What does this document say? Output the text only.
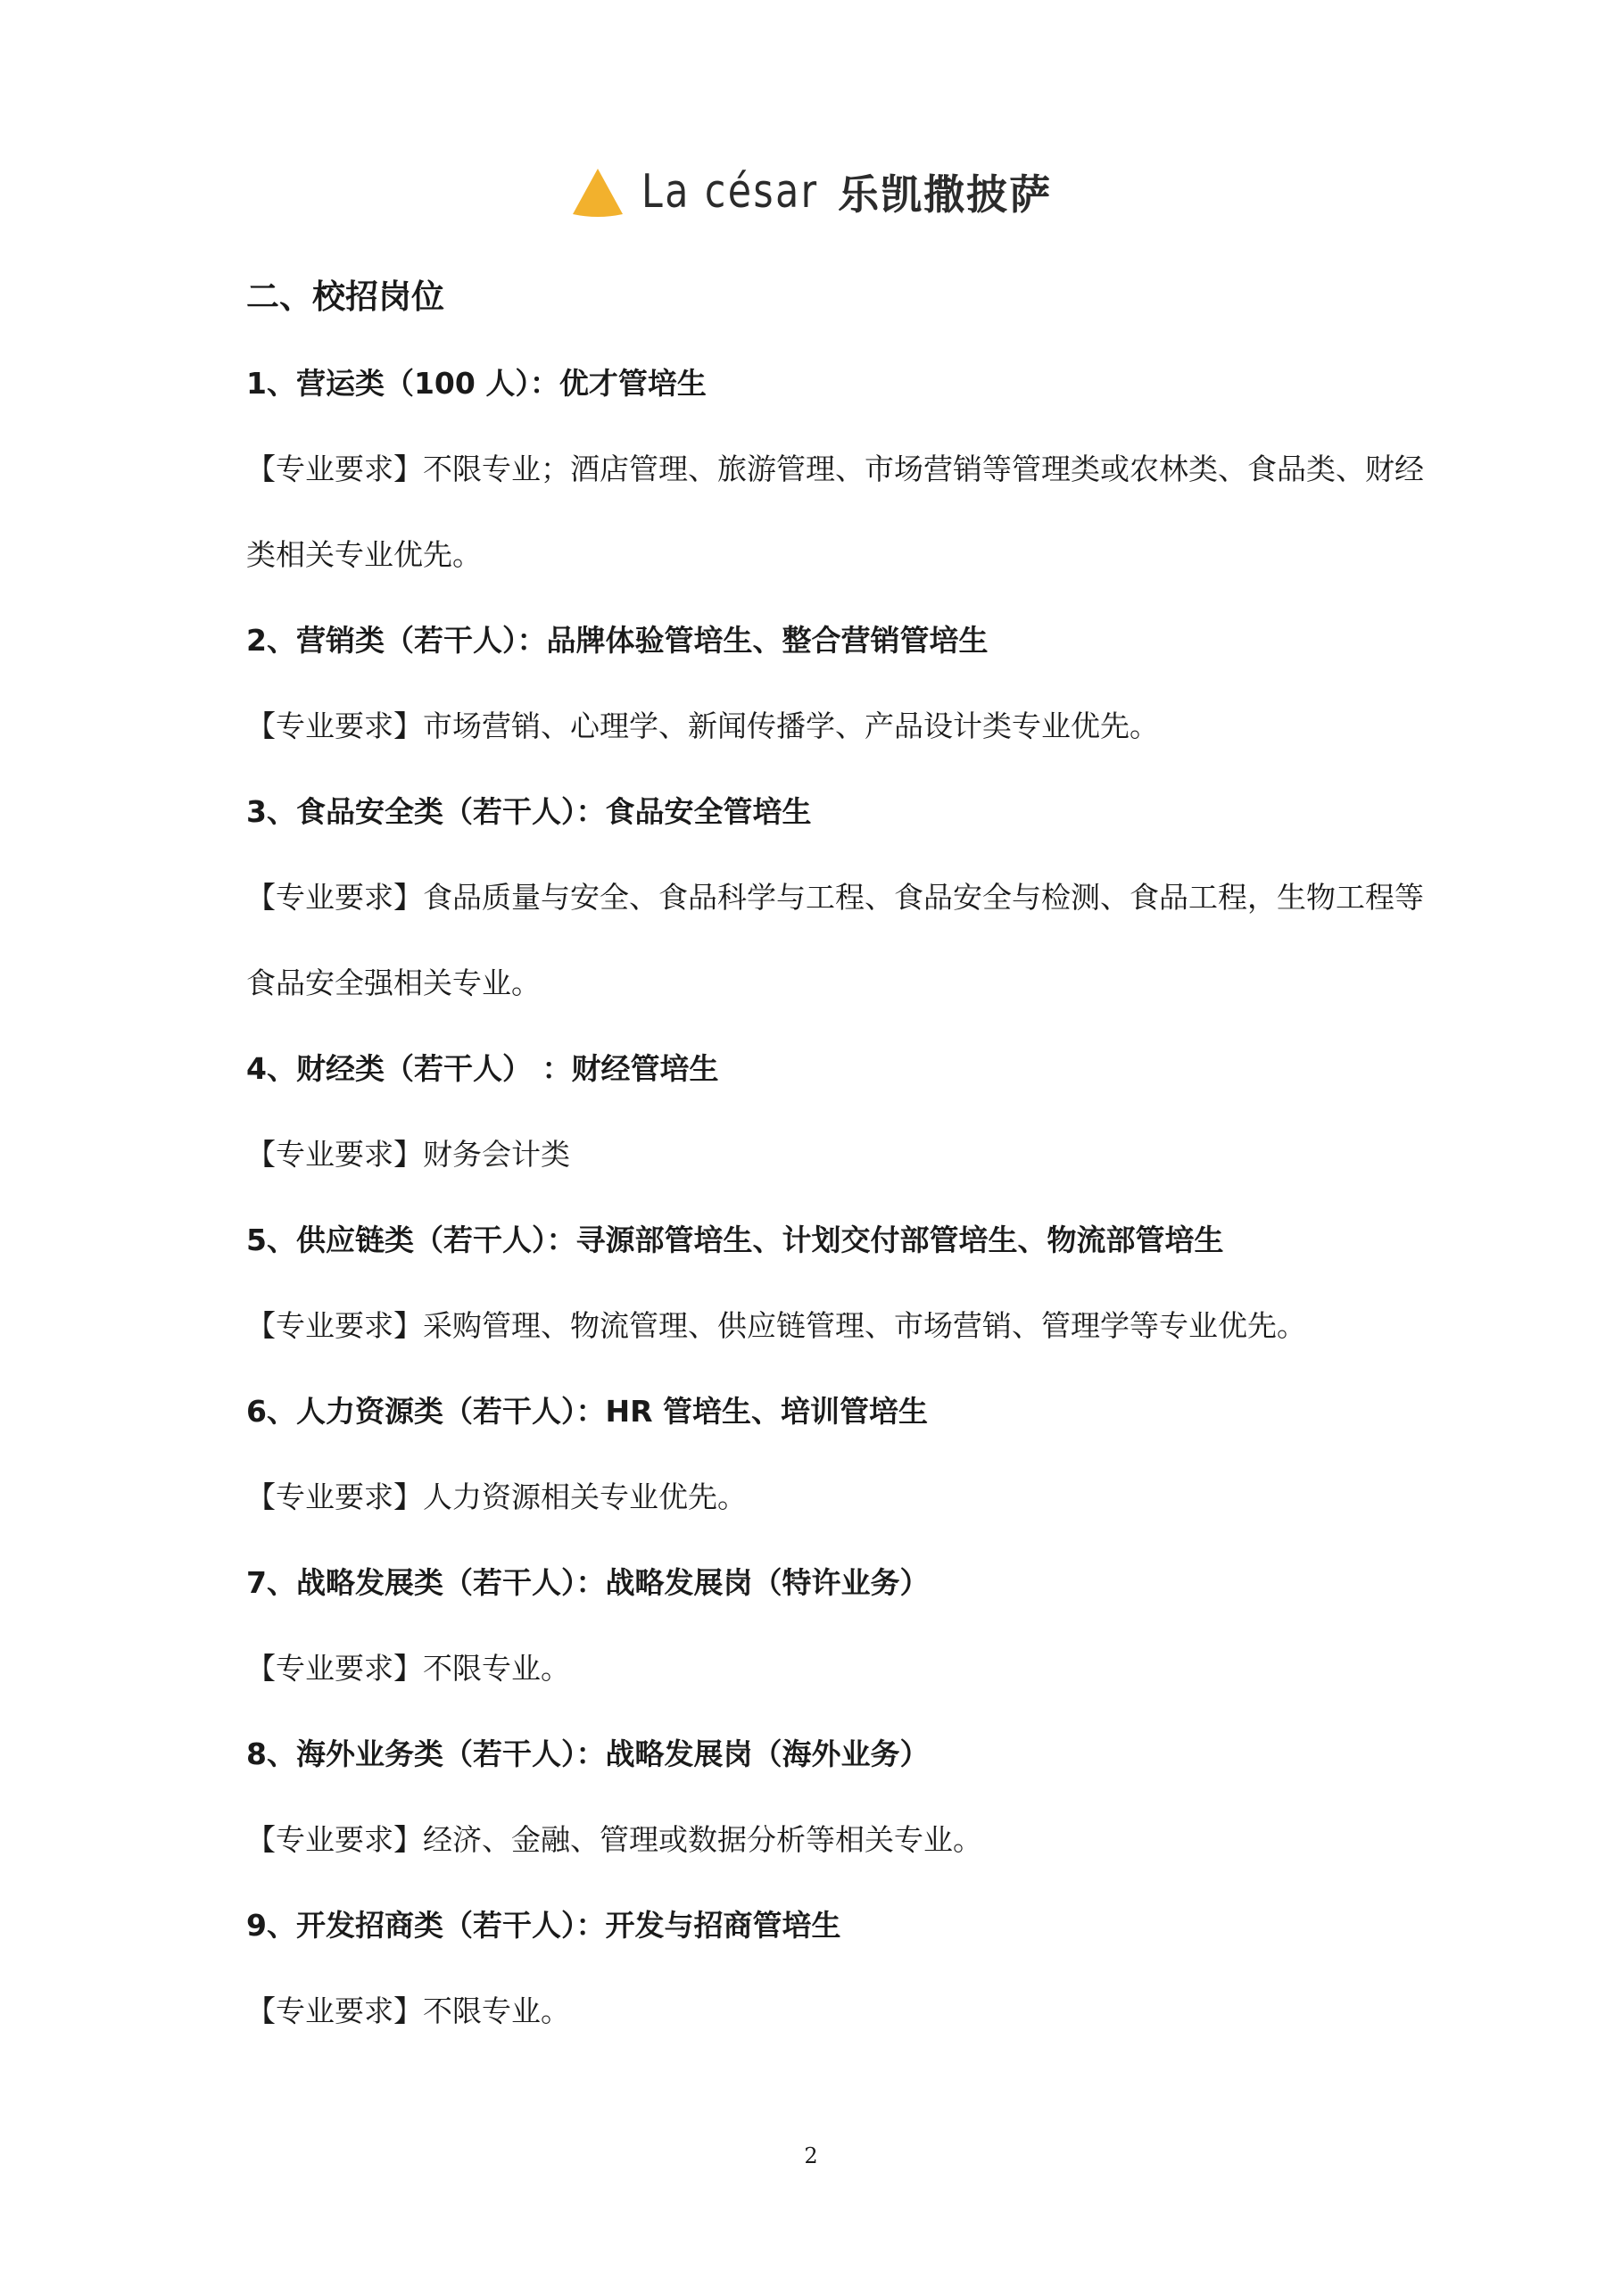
La césar 乐凯撒披萨
二、校招岗位
1、营运类（100 人）：优才管培生
【专业要求】不限专业；酒店管理、旅游管理、市场营销等管理类或农林类、食品类、财经
类相关专业优先。
2、营销类（若干人）：品牌体验管培生、整合营销管培生
【专业要求】市场营销、心理学、新闻传播学、产品设计类专业优先。
3、食品安全类（若干人）：食品安全管培生
【专业要求】食品质量与安全、食品科学与工程、食品安全与检测、食品工程，生物工程等
食品安全强相关专业。
4、财经类（若干人） ：财经管培生
【专业要求】财务会计类
5、供应链类（若干人）：寻源部管培生、计划交付部管培生、物流部管培生
【专业要求】采购管理、物流管理、供应链管理、市场营销、管理学等专业优先。
6、人力资源类（若干人）：HR 管培生、培训管培生
【专业要求】人力资源相关专业优先。
7、战略发展类（若干人）：战略发展岗（特许业务）
【专业要求】不限专业。
8、海外业务类（若干人）：战略发展岗（海外业务）
【专业要求】经济、金融、管理或数据分析等相关专业。
9、开发招商类（若干人）：开发与招商管培生
【专业要求】不限专业。
2
